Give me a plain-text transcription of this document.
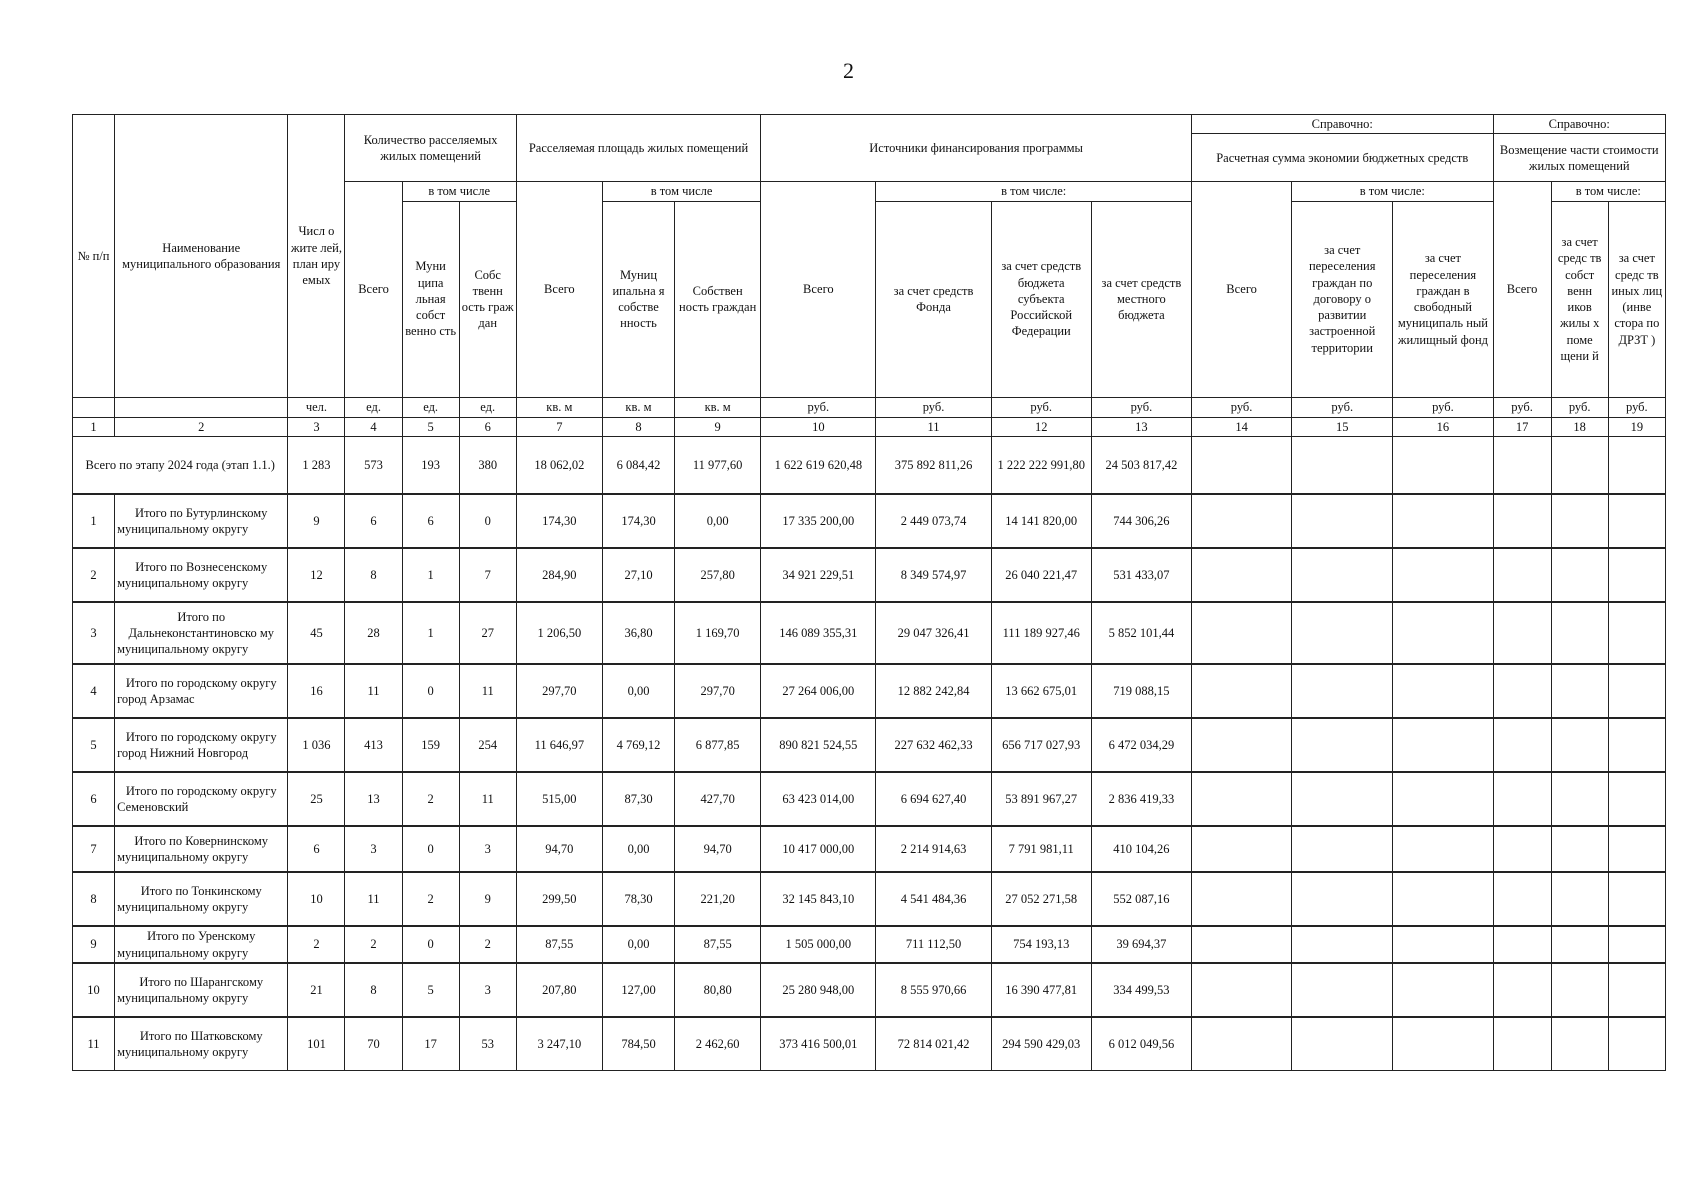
2
№ п/п	Наименование муниципального образования	Числ о жите лей, план иру емых	Количество расселяемых жилых помещений			Расселяемая площадь жилых помещений			Источники финансирования программы				Справочно:			Справочно:		
													Расчетная сумма экономии бюджетных средств			Возмещение части стоимости жилых помещений		
			Всего	в том числе		Всего	в том числе		Всего	в том числе:			Всего	в том числе:		Всего	в том числе:	
				Муни ципа льная собст венно сть	Собс твенн ость граж дан		Муниц ипальна я собстве нность	Собствен ность граждан		за счет средств Фонда	за счет средств бюджета субъекта Российской Федерации	за счет средств местного бюджета		за счет переселения граждан по договору о развитии застроенной территории	за счет переселения граждан в свободный муниципаль ный жилищный фонд		за счет средс тв собст венн иков жилы х поме щени й	за счет средс тв иных лиц (инве стора по ДРЗТ )
		чел.	ед.	ед.	ед.	кв. м	кв. м	кв. м	руб.	руб.	руб.	руб.	руб.	руб.	руб.	руб.	руб.	руб.
1	2	3	4	5	6	7	8	9	10	11	12	13	14	15	16	17	18	19
Всего по этапу 2024 года (этап 1.1.)		1 283	573	193	380	18 062,02	6 084,42	11 977,60	1 622 619 620,48	375 892 811,26	1 222 222 991,80	24 503 817,42						
1	Итого по Бутурлинскому муниципальному округу	9	6	6	0	174,30	174,30	0,00	17 335 200,00	2 449 073,74	14 141 820,00	744 306,26						
2	Итого по Вознесенскому муниципальному округу	12	8	1	7	284,90	27,10	257,80	34 921 229,51	8 349 574,97	26 040 221,47	531 433,07						
3	Итого по Дальнеконстантиновско му муниципальному округу	45	28	1	27	1 206,50	36,80	1 169,70	146 089 355,31	29 047 326,41	111 189 927,46	5 852 101,44						
4	Итого по городскому округу город Арзамас	16	11	0	11	297,70	0,00	297,70	27 264 006,00	12 882 242,84	13 662 675,01	719 088,15						
5	Итого по городскому округу город Нижний Новгород	1 036	413	159	254	11 646,97	4 769,12	6 877,85	890 821 524,55	227 632 462,33	656 717 027,93	6 472 034,29						
6	Итого по городскому округу Семеновский	25	13	2	11	515,00	87,30	427,70	63 423 014,00	6 694 627,40	53 891 967,27	2 836 419,33						
7	Итого по Ковернинскому муниципальному округу	6	3	0	3	94,70	0,00	94,70	10 417 000,00	2 214 914,63	7 791 981,11	410 104,26						
8	Итого по Тонкинскому муниципальному округу	10	11	2	9	299,50	78,30	221,20	32 145 843,10	4 541 484,36	27 052 271,58	552 087,16						
9	Итого по Уренскому муниципальному округу	2	2	0	2	87,55	0,00	87,55	1 505 000,00	711 112,50	754 193,13	39 694,37						
10	Итого по Шарангскому муниципальному округу	21	8	5	3	207,80	127,00	80,80	25 280 948,00	8 555 970,66	16 390 477,81	334 499,53						
11	Итого по Шатковскому муниципальному округу	101	70	17	53	3 247,10	784,50	2 462,60	373 416 500,01	72 814 021,42	294 590 429,03	6 012 049,56						
